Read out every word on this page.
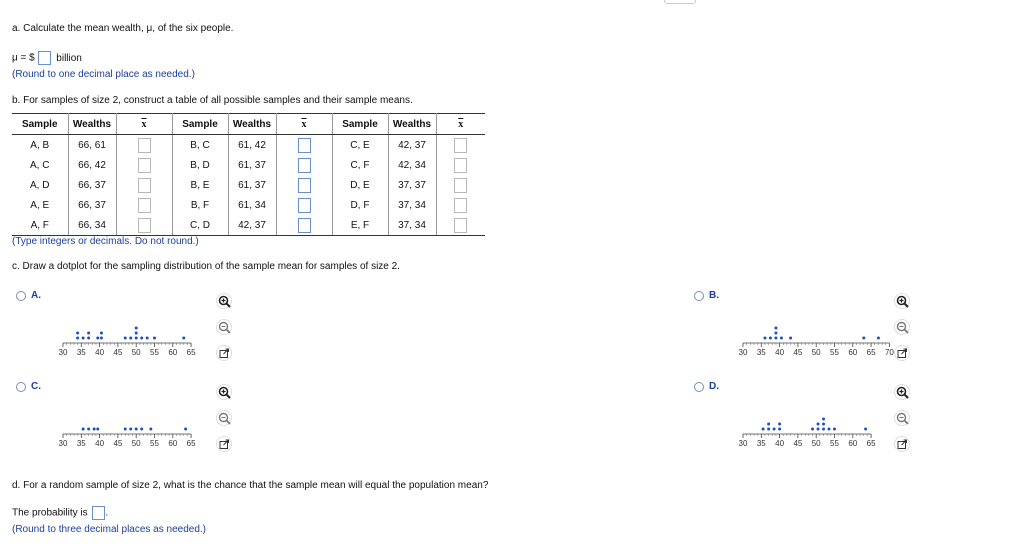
a. Calculate the mean wealth, μ, of the six people.
μ = $ billion
(Round to one decimal place as needed.)
b. For samples of size 2, construct a table of all possible samples and their sample means.
Sample	Wealths	$\overline{x}$	Sample	Wealths	$\overline{x}$	Sample	Wealths	$\overline{x}$
A, B	66, 61		B, C	61, 42		C, E	42, 37	

A, C	66, 42		B, D	61, 37		C, F	42, 34	

A, D	66, 37		B, E	61, 37		D, E	37, 37	

A, E	66, 37		B, F	61, 34		D, F	37, 34	

A, F	66, 34		C, D	42, 37		E, F	37, 34	
(Type integers or decimals. Do not round.)
c. Draw a dotplot for the sampling distribution of the sample mean for samples of size 2.
A.
30 35 40 45 50 55 60 65
B.
30 35 40 45 50 55 60 65 70
C.
30 35 40 45 50 55 60 65
D.
30 35 40 45 50 55 60 65
d. For a random sample of size 2, what is the chance that the sample mean will equal the population mean?
The probability is .
(Round to three decimal places as needed.)
